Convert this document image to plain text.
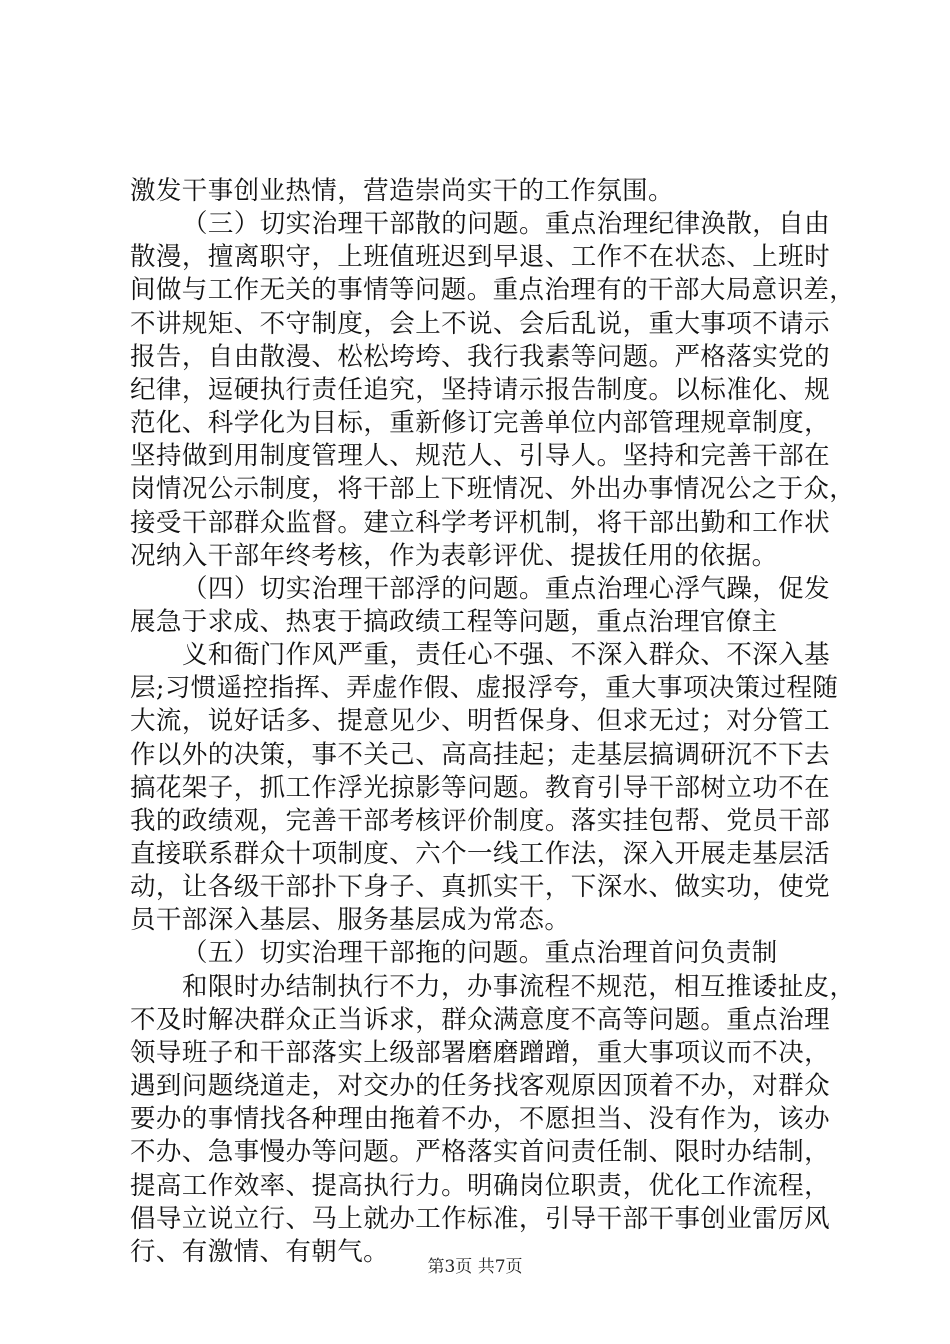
激发干事创业热情，营造崇尚实干的工作氛围。
（三）切实治理干部散的问题。重点治理纪律涣散，自由
散漫，擅离职守，上班值班迟到早退、工作不在状态、上班时
间做与工作无关的事情等问题。重点治理有的干部大局意识差，
不讲规矩、不守制度，会上不说、会后乱说，重大事项不请示
报告，自由散漫、松松垮垮、我行我素等问题。严格落实党的
纪律，逗硬执行责任追究，坚持请示报告制度。以标准化、规
范化、科学化为目标，重新修订完善单位内部管理规章制度，
坚持做到用制度管理人、规范人、引导人。坚持和完善干部在
岗情况公示制度，将干部上下班情况、外出办事情况公之于众，
接受干部群众监督。建立科学考评机制，将干部出勤和工作状
况纳入干部年终考核，作为表彰评优、提拔任用的依据。
（四）切实治理干部浮的问题。重点治理心浮气躁，促发
展急于求成、热衷于搞政绩工程等问题，重点治理官僚主
义和衙门作风严重，责任心不强、不深入群众、不深入基
层;习惯遥控指挥、弄虚作假、虚报浮夸，重大事项决策过程随
大流，说好话多、提意见少、明哲保身、但求无过；对分管工
作以外的决策，事不关己、高高挂起；走基层搞调研沉不下去
搞花架子，抓工作浮光掠影等问题。教育引导干部树立功不在
我的政绩观，完善干部考核评价制度。落实挂包帮、党员干部
直接联系群众十项制度、六个一线工作法，深入开展走基层活
动，让各级干部扑下身子、真抓实干，下深水、做实功，使党
员干部深入基层、服务基层成为常态。
（五）切实治理干部拖的问题。重点治理首问负责制
和限时办结制执行不力，办事流程不规范，相互推诿扯皮，
不及时解决群众正当诉求，群众满意度不高等问题。重点治理
领导班子和干部落实上级部署磨磨蹭蹭，重大事项议而不决，
遇到问题绕道走，对交办的任务找客观原因顶着不办，对群众
要办的事情找各种理由拖着不办，不愿担当、没有作为，该办
不办、急事慢办等问题。严格落实首问责任制、限时办结制，
提高工作效率、提高执行力。明确岗位职责，优化工作流程，
倡导立说立行、马上就办工作标准，引导干部干事创业雷厉风
行、有激情、有朝气。
第3页 共7页
